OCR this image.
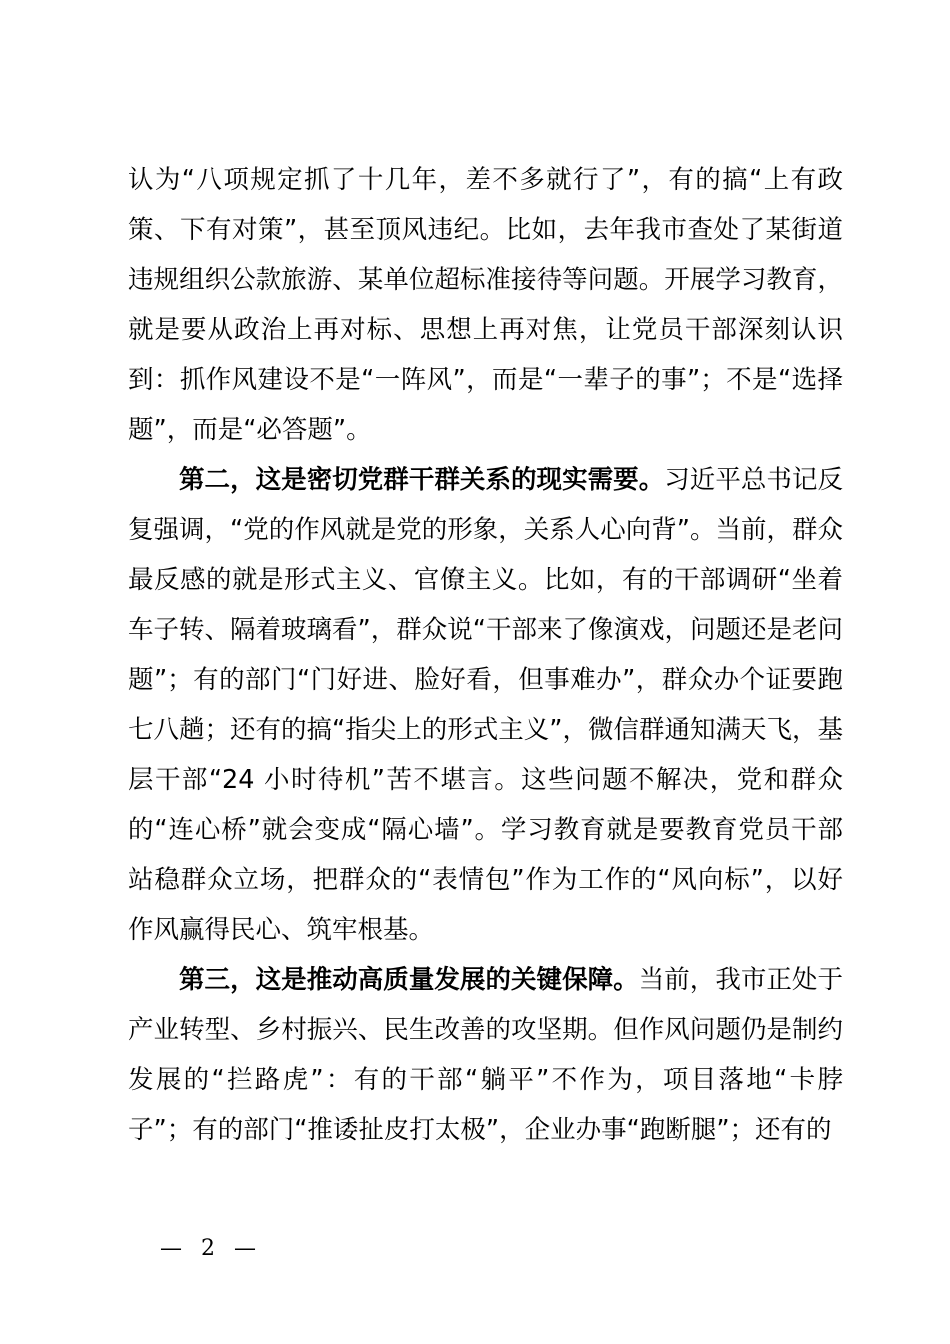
认为“八项规定抓了十几年，差不多就行了”，有的搞“上有政策、下有对策”，甚至顶风违纪。比如，去年我市查处了某街道违规组织公款旅游、某单位超标准接待等问题。开展学习教育，就是要从政治上再对标、思想上再对焦，让党员干部深刻认识到：抓作风建设不是“一阵风”，而是“一辈子的事”；不是“选择题”，而是“必答题”。

第二，这是密切党群干群关系的现实需要。习近平总书记反复强调，“党的作风就是党的形象，关系人心向背”。当前，群众最反感的就是形式主义、官僚主义。比如，有的干部调研“坐着车子转、隔着玻璃看”，群众说“干部来了像演戏，问题还是老问题”；有的部门“门好进、脸好看，但事难办”，群众办个证要跑七八趟；还有的搞“指尖上的形式主义”，微信群通知满天飞，基层干部“24 小时待机”苦不堪言。这些问题不解决，党和群众的“连心桥”就会变成“隔心墙”。学习教育就是要教育党员干部站稳群众立场，把群众的“表情包”作为工作的“风向标”，以好作风赢得民心、筑牢根基。

第三，这是推动高质量发展的关键保障。当前，我市正处于产业转型、乡村振兴、民生改善的攻坚期。但作风问题仍是制约发展的“拦路虎”：有的干部“躺平”不作为，项目落地“卡脖子”；有的部门“推诿扯皮打太极”，企业办事“跑断腿”；还有的

— 2 —
